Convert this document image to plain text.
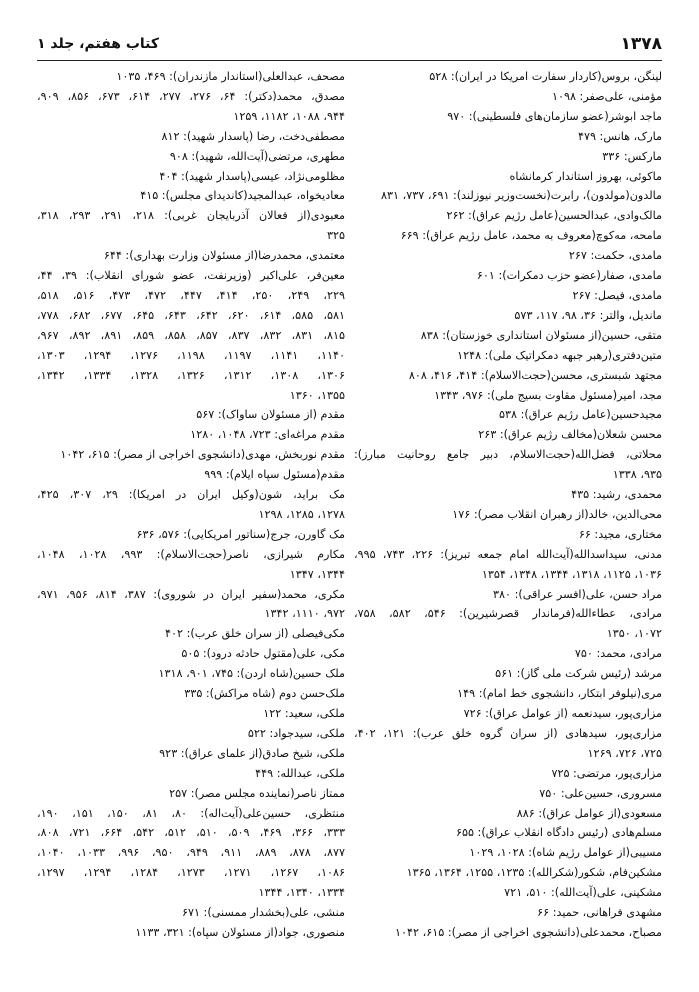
۱۳۷۸
کتاب هفتم، جلد ۱
لینگن، بروس(کاردار سفارت امریکا در ایران): ۵۲۸
مؤمنی، علی‌صفر: ۱۰۹۸
ماجد ابوشر(عضو سازمان‌های فلسطینی): ۹۷۰
مارک، هانس: ۴۷۹
مارکس: ۳۳۶
ماکوئی، بهروز استاندار کرمانشاه
مالدون(مولدون)، رابرت(نخست‌وزیر نیوزلند): ۶۹۱، ۷۳۷، ۸۳۱
مالک‌وادی، عبدالحسین(عامل رژیم عراق): ۲۶۲
مامحه، مه‌کوچ(معروف به محمد، عامل رژیم عراق): ۶۶۹
مامدی، حکمت: ۲۶۷
مامدی، صفار(عضو حزب دمکرات): ۶۰۱
مامدی، فیصل: ۲۶۷
ماندیل، والتر: ۳۶، ۹۸، ۱۱۷، ۵۷۳
متقی، حسین(از مسئولان استانداری خوزستان): ۸۳۸
متین‌دفتری(رهبر جبهه دمکراتیک ملی): ۱۲۴۸
مجتهد شبستری، محسن(حجت‌الاسلام): ۴۱۴، ۴۱۶، ۸۰۸
مجد، امیر(مسئول مقاوت بسیج ملی): ۹۷۶، ۱۳۴۳
مجیدحسین(عامل رژیم عراق): ۵۳۸
محسن شعلان(مخالف رژیم عراق): ۲۶۳
محلاتی، فضل‌الله(حجت‌الاسلام، دبیر جامع روحانیت مبارز):
۹۳۵، ۱۳۳۸
محمدی، رشید: ۴۳۵
محی‌الدین، خالد(از رهبران انقلاب مصر): ۱۷۶
مختاری، مجید: ۶۶
مدنی، سیداسدالله(آیت‌الله امام جمعه تبریز): ۲۲۶، ۷۴۳، ۹۹۵،
۱۰۳۶، ۱۱۲۵، ۱۳۱۸، ۱۳۴۴، ۱۳۴۸، ۱۳۵۴
مراد حسن، علی(افسر عراقی): ۳۸۰
مرادی، عطاءالله(فرماندار قصرشیرین): ۵۴۶، ۵۸۲، ۷۵۸،
۱۰۷۲، ۱۳۵۰
مرادی، محمد: ۷۵۰
مرشد (رئیس شرکت ملی گاز): ۵۶۱
مری(نیلوفر ابتکار، دانشجوی خط امام): ۱۴۹
مزاری‌پور، سیدنعمه (از عوامل عراق): ۷۲۶
مزاری‌پور، سیدهادی (از سران گروه خلق عرب): ۱۲۱، ۴۰۲،
۷۲۵، ۷۲۶، ۱۲۶۹
مزاری‌پور، مرتضی: ۷۲۵
مسروری، حسین‌علی: ۷۵۰
مسعودی(از عوامل عراق): ۸۸۶
مسلم‌هادی (رئیس دادگاه انقلاب عراق): ۶۵۵
مسیبی(از عوامل رژیم شاه): ۱۰۲۸، ۱۰۲۹
مشکین‌فام، شکور(شکرالله): ۱۲۳۵، ۱۲۵۵، ۱۳۶۴، ۱۳۶۵
مشکینی، علی(آیت‌الله): ۵۱۰، ۷۲۱
مشهدی فراهانی، حمید: ۶۶
مصباح، محمدعلی(دانشجوی اخراجی از مصر): ۶۱۵، ۱۰۴۲
مصحف، عبدالعلی(استاندار مازندران): ۴۶۹، ۱۰۳۵
مصدق، محمد(دکتر): ۶۴، ۲۷۶، ۲۷۷، ۶۱۴، ۶۷۳، ۸۵۶، ۹۰۹،
۹۴۴، ۱۰۸۸، ۱۱۸۲، ۱۲۵۹
مصطفی‌دخت، رضا (پاسدار شهید): ۸۱۲
مطهری، مرتضی(آیت‌الله، شهید): ۹۰۸
مظلومی‌نژاد، عیسی(پاسدار شهید): ۴۰۴
معادیخواه، عبدالمجید(کاندیدای مجلس): ۴۱۵
معبودی(از فعالان آذربایجان غربی): ۲۱۸، ۲۹۱، ۲۹۳، ۳۱۸،
۳۲۵
معتمدی، محمدرضا(از مسئولان وزارت بهداری): ۶۴۴
معین‌فر، علی‌اکبر (وزیرنفت، عضو شورای انقلاب): ۳۹، ۴۴،
۲۲۹، ۲۴۹، ۲۵۰، ۴۱۴، ۴۴۷، ۴۷۲، ۴۷۳، ۵۱۶، ۵۱۸،
۵۸۱، ۵۸۵، ۶۱۴، ۶۲۰، ۶۴۲، ۶۴۳، ۶۴۵، ۶۷۷، ۶۸۲، ۷۷۸،
۸۱۵، ۸۳۱، ۸۳۲، ۸۳۷، ۸۵۷، ۸۵۸، ۸۵۹، ۸۹۱، ۸۹۲، ۹۶۷،
۱۱۴۰، ۱۱۴۱، ۱۱۹۷، ۱۱۹۸، ۱۲۷۶، ۱۲۹۴، ۱۳۰۳،
۱۳۰۶، ۱۳۰۸، ۱۳۱۲، ۱۳۲۶، ۱۳۲۸، ۱۳۳۴، ۱۳۴۲،
۱۳۵۵، ۱۳۶۰
مقدم (از مسئولان ساواک): ۵۶۷
مقدم مراغه‌ای: ۷۲۳، ۱۰۴۸، ۱۲۸۰
مقدم نوربخش، مهدی(دانشجوی اخراجی از مصر): ۶۱۵، ۱۰۴۲
مقدم(مسئول سپاه ایلام): ۹۹۹
مک براید، شون(وکیل ایران در امریکا): ۲۹، ۳۰۷، ۴۲۵،
۱۲۷۸، ۱۲۸۵، ۱۲۹۸
مک گاورن، جرج(سناتور امریکایی): ۵۷۶، ۶۳۶
مکارم شیرازی، ناصر(حجت‌الاسلام): ۹۹۳، ۱۰۲۸، ۱۰۴۸،
۱۳۴۴، ۱۳۴۷
مکری، محمد(سفیر ایران در شوروی): ۳۸۷، ۸۱۴، ۹۵۶، ۹۷۱،
۹۷۲، ۱۱۱۰، ۱۳۴۲
مکی‌فیصلی (از سران خلق عرب): ۴۰۲
مکی، علی(مقتول حادثه درود): ۵۰۵
ملک حسین(شاه اردن): ۷۴۵، ۹۰۱، ۱۳۱۸
ملک‌حسن دوم (شاه مراکش): ۳۳۵
ملکی، سعید: ۱۲۲
ملکی، سیدجواد: ۵۲۲
ملکی، شیخ صادق(از علمای عراق): ۹۲۳
ملکی، عبدالله: ۴۴۹
ممتاز ناصر(نماینده مجلس مصر): ۲۵۷
منتظری، حسین‌علی(آیت‌اله): ۸۰، ۸۱، ۱۵۰، ۱۵۱، ۱۹۰،
۳۳۳، ۳۶۶، ۴۶۹، ۵۰۹، ۵۱۰، ۵۱۲، ۵۴۲، ۶۶۴، ۷۲۱، ۸۰۸،
۸۷۷، ۸۷۸، ۸۸۹، ۹۱۱، ۹۴۹، ۹۵۰، ۹۹۶، ۱۰۳۳، ۱۰۴۰،
۱۰۸۶، ۱۲۶۷، ۱۲۷۱، ۱۲۷۳، ۱۲۸۴، ۱۲۹۴، ۱۲۹۷،
۱۳۳۴، ۱۳۴۰، ۱۳۴۴
منشی، علی(بخشدار ممسنی): ۶۷۱
منصوری، جواد(از مسئولان سپاه): ۳۲۱، ۱۱۳۳
